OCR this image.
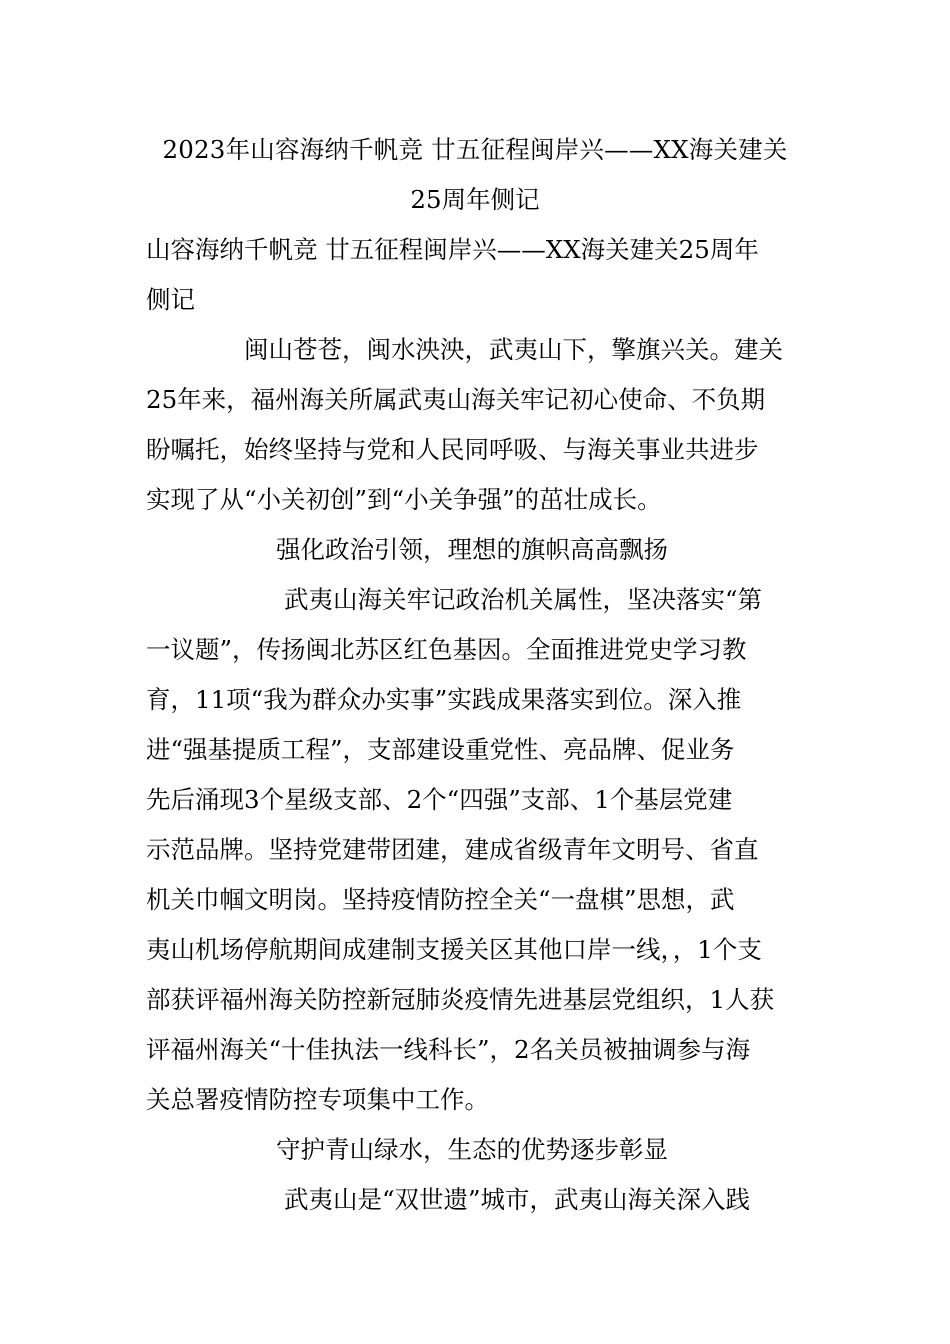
2023年山容海纳千帆竞 廿五征程闽岸兴——XX海关建关
25周年侧记
山容海纳千帆竞 廿五征程闽岸兴——XX海关建关25周年
侧记
闽山苍苍，闽水泱泱，武夷山下，擎旗兴关。建关
25年来，福州海关所属武夷山海关牢记初心使命、不负期
盼嘱托，始终坚持与党和人民同呼吸、与海关事业共进步
实现了从“小关初创”到“小关争强”的茁壮成长。
强化政治引领，理想的旗帜高高飘扬
武夷山海关牢记政治机关属性，坚决落实“第
一议题”，传扬闽北苏区红色基因。全面推进党史学习教
育，11项“我为群众办实事”实践成果落实到位。深入推
进“强基提质工程”，支部建设重党性、亮品牌、促业务
先后涌现3个星级支部、2个“四强”支部、1个基层党建
示范品牌。坚持党建带团建，建成省级青年文明号、省直
机关巾帼文明岗。坚持疫情防控全关“一盘棋”思想，武
夷山机场停航期间成建制支援关区其他口岸一线，，1个支
部获评福州海关防控新冠肺炎疫情先进基层党组织，1人获
评福州海关“十佳执法一线科长”，2名关员被抽调参与海
关总署疫情防控专项集中工作。
守护青山绿水，生态的优势逐步彰显
武夷山是“双世遗”城市，武夷山海关深入践
